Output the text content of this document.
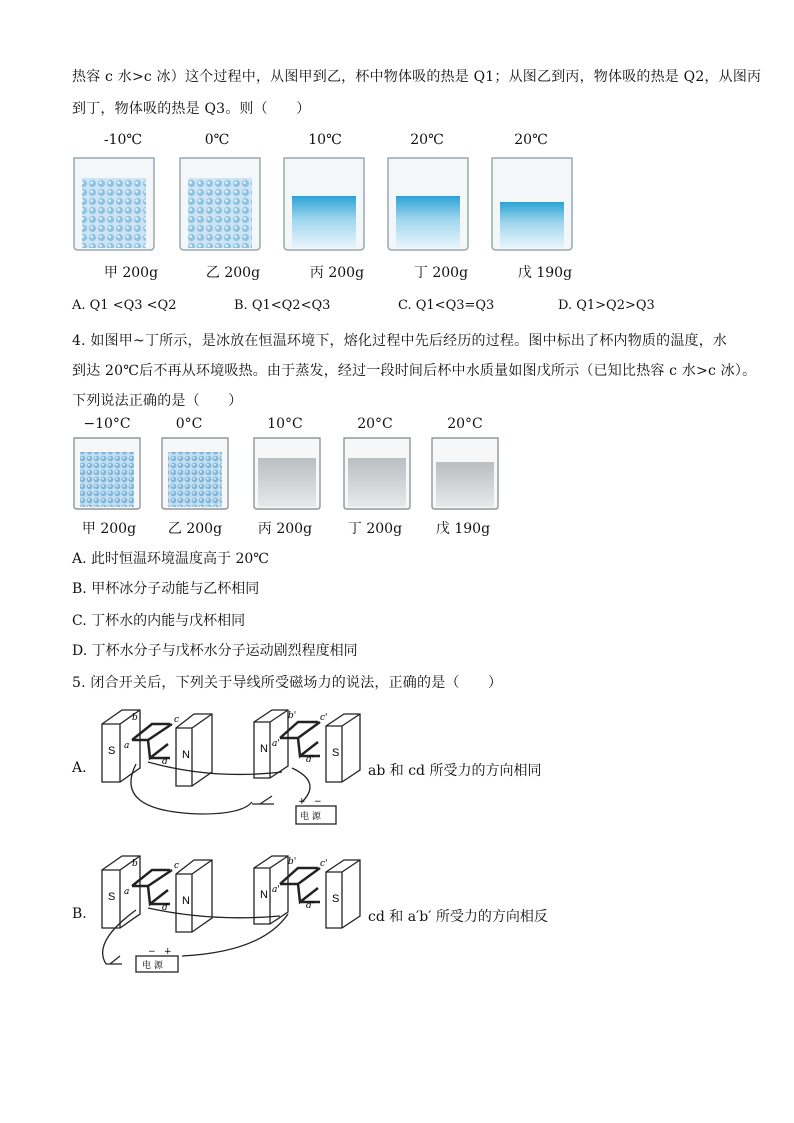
热容 c 水>c 冰）这个过程中，从图甲到乙，杯中物体吸的热是 Q1；从图乙到丙，物体吸的热是 Q2，从图丙
到丁，物体吸的热是 Q3。则（　　）
-10℃	0℃	10℃	20℃	20℃
甲 200g	乙 200g	丙 200g	丁 200g	戊 190g
A. Q1 <Q3 <Q2	B. Q1<Q2<Q3	C. Q1<Q3=Q3	D. Q1>Q2>Q3
4. 如图甲~丁所示，是冰放在恒温环境下，熔化过程中先后经历的过程。图中标出了杯内物质的温度，水
到达 20℃后不再从环境吸热。由于蒸发，经过一段时间后杯中水质量如图戊所示（已知比热容 c 水>c 冰）。
下列说法正确的是（　　）
−10°C	0°C	10°C	20°C	20°C
甲 200g	乙 200g	丙 200g	丁 200g	戊 190g
A. 此时恒温环境温度高于 20℃
B. 甲杯冰分子动能与乙杯相同
C. 丁杯水的内能与戊杯相同
D. 丁杯水分子与戊杯水分子运动剧烈程度相同
5. 闭合开关后，下列关于导线所受磁场力的说法，正确的是（　　）
A.
S	N	N	S
a
b	c
d
a'
b'	c'
d'
+ −
电 源
ab 和 cd 所受力的方向相同
B.
S	N	N	S
a
b	c
d
a'
b'	c'
d'
− +
电 源
cd 和 a′b′ 所受力的方向相反
